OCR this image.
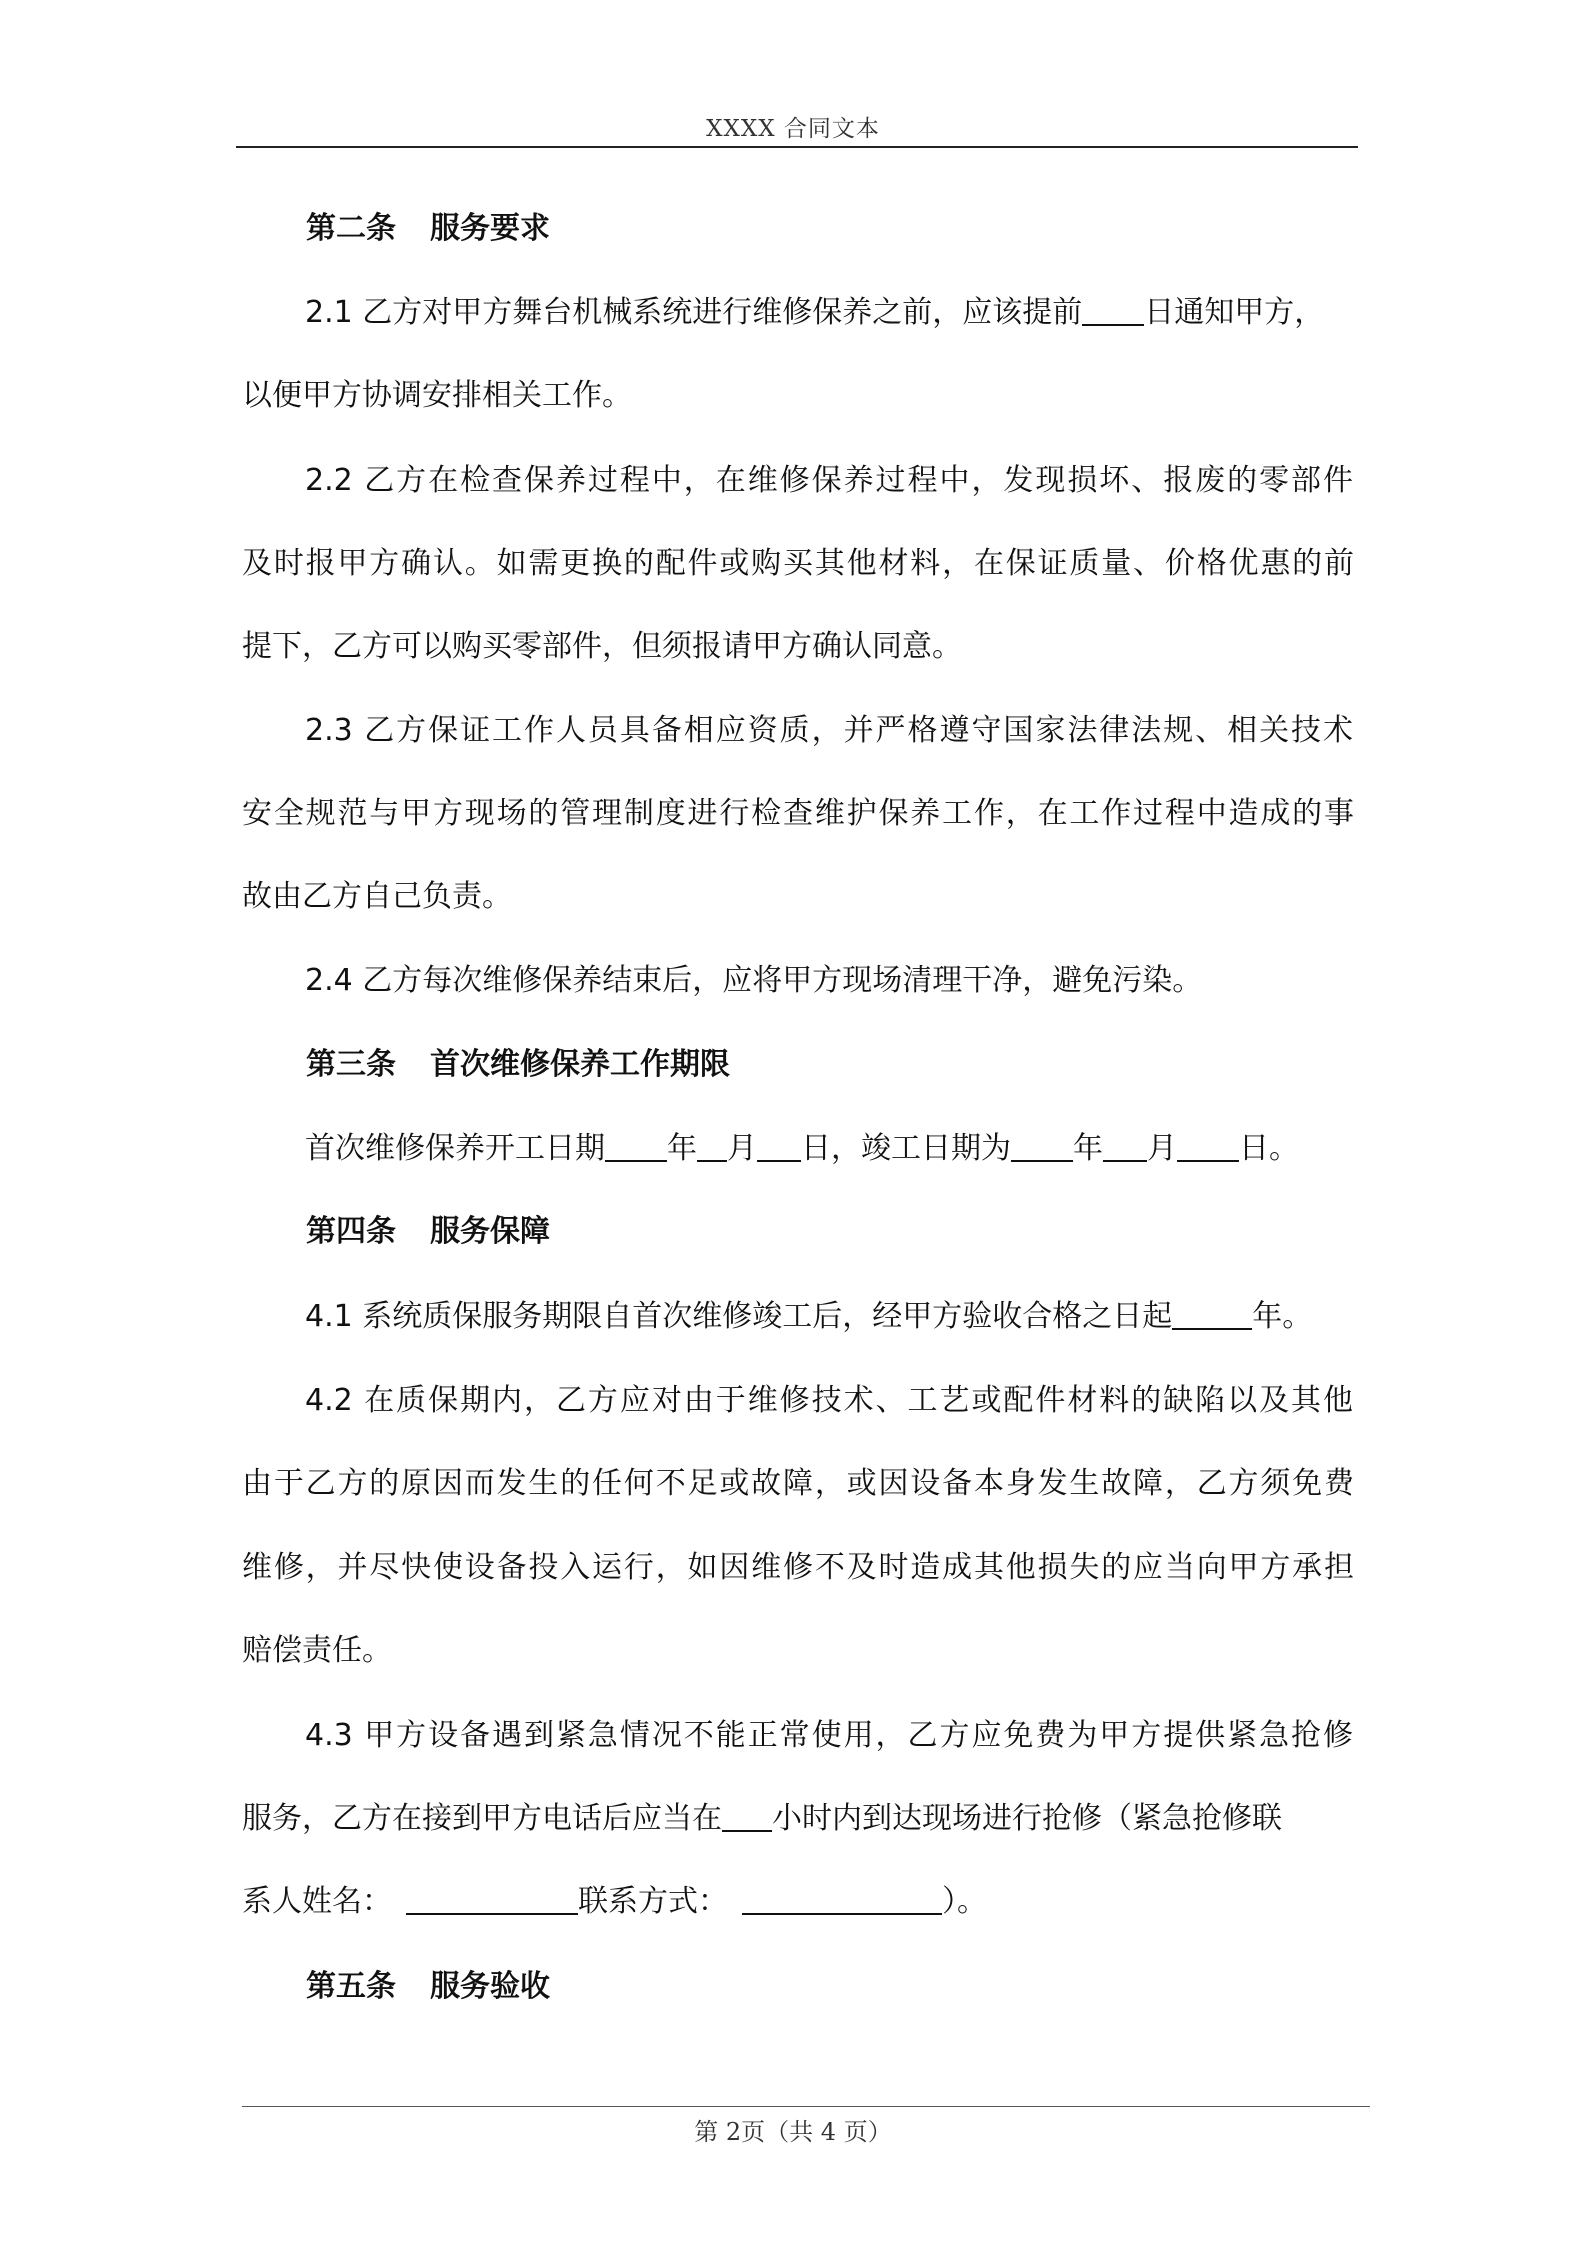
XXXX 合同文本
第二条 服务要求
2.1 乙方对甲方舞台机械系统进行维修保养之前，应该提前 日通知甲方，
以便甲方协调安排相关工作。
2.2 乙方在检查保养过程中，在维修保养过程中，发现损坏、报废的零部件
及时报甲方确认。如需更换的配件或购买其他材料，在保证质量、价格优惠的前
提下，乙方可以购买零部件，但须报请甲方确认同意。
2.3 乙方保证工作人员具备相应资质，并严格遵守国家法律法规、相关技术
安全规范与甲方现场的管理制度进行检查维护保养工作，在工作过程中造成的事
故由乙方自己负责。
2.4 乙方每次维修保养结束后，应将甲方现场清理干净，避免污染。
第三条 首次维修保养工作期限
首次维修保养开工日期 年 月 日，竣工日期为 年 月 日。
第四条 服务保障
4.1 系统质保服务期限自首次维修竣工后，经甲方验收合格之日起	年。
4.2 在质保期内，乙方应对由于维修技术、工艺或配件材料的缺陷以及其他
由于乙方的原因而发生的任何不足或故障，或因设备本身发生故障，乙方须免费
维修，并尽快使设备投入运行，如因维修不及时造成其他损失的应当向甲方承担
赔偿责任。
4.3 甲方设备遇到紧急情况不能正常使用，乙方应免费为甲方提供紧急抢修
服务，乙方在接到甲方电话后应当在 小时内到达现场进行抢修（紧急抢修联
系人姓名：	联系方式：	）。
第五条 服务验收
第 2页（共 4 页）
